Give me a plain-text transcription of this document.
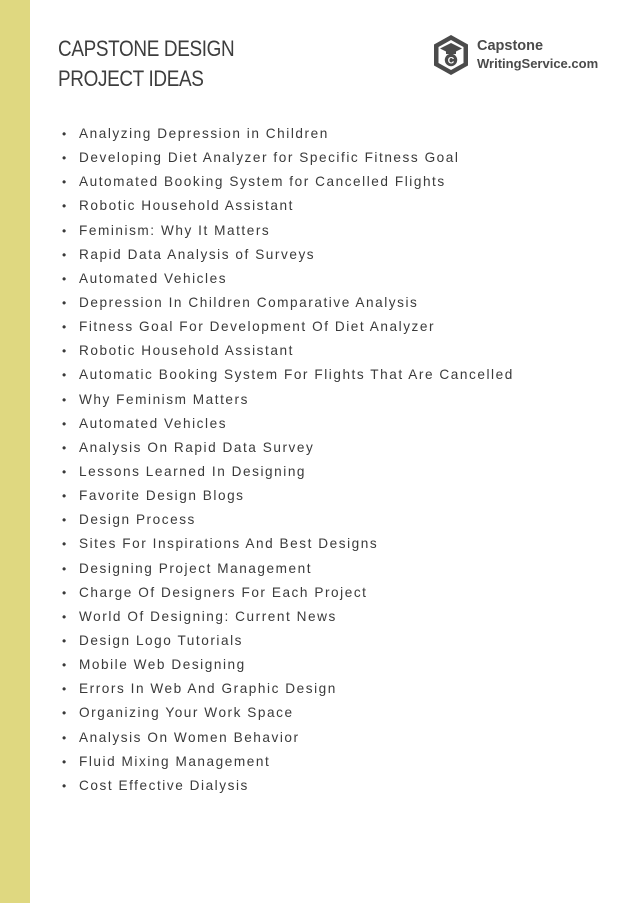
CAPSTONE DESIGN
PROJECT IDEAS
C
Capstone
WritingService.com
• Analyzing Depression in Children
• Developing Diet Analyzer for Specific Fitness Goal
• Automated Booking System for Cancelled Flights
• Robotic Household Assistant
• Feminism: Why It Matters
• Rapid Data Analysis of Surveys
• Automated Vehicles
• Depression In Children Comparative Analysis
• Fitness Goal For Development Of Diet Analyzer
• Robotic Household Assistant
• Automatic Booking System For Flights That Are Cancelled
• Why Feminism Matters
• Automated Vehicles
• Analysis On Rapid Data Survey
• Lessons Learned In Designing
• Favorite Design Blogs
• Design Process
• Sites For Inspirations And Best Designs
• Designing Project Management
• Charge Of Designers For Each Project
• World Of Designing: Current News
• Design Logo Tutorials
• Mobile Web Designing
• Errors In Web And Graphic Design
• Organizing Your Work Space
• Analysis On Women Behavior
• Fluid Mixing Management
• Cost Effective Dialysis
